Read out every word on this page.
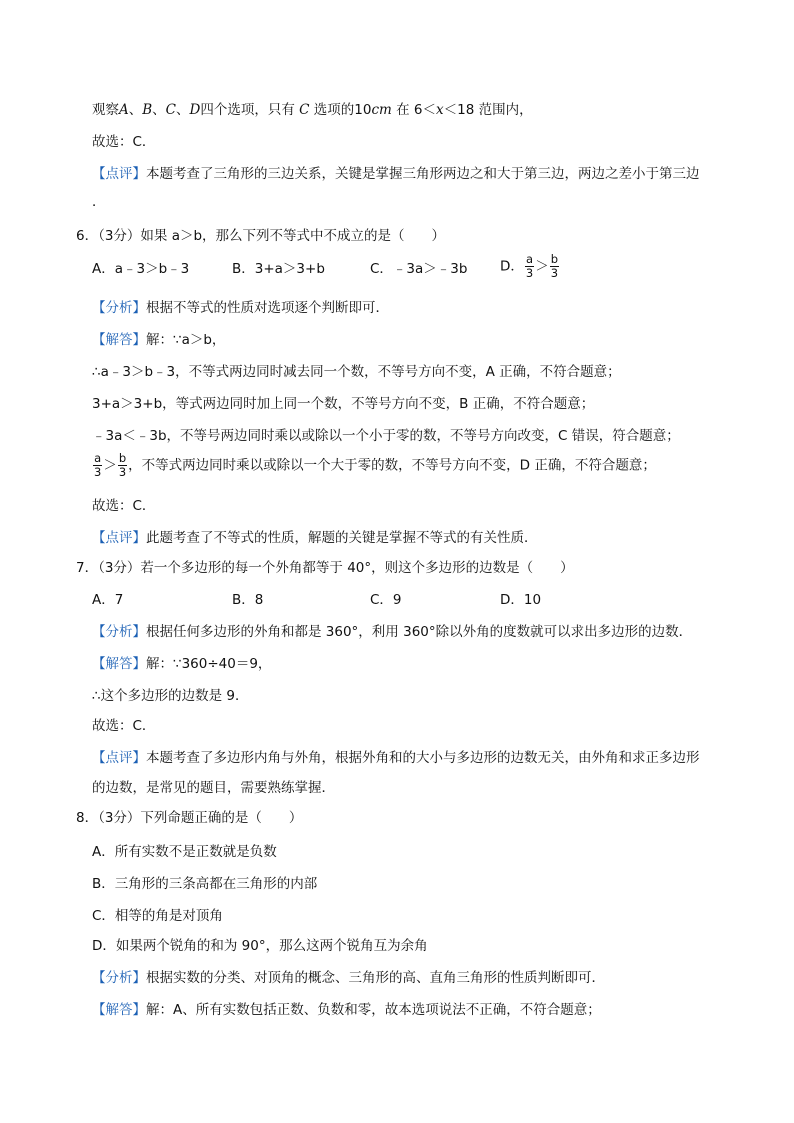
观察A、B、C、D四个选项，只有 C 选项的10cm 在 6＜x＜18 范围内，
故选：C．
【点评】本题考查了三角形的三边关系，关键是掌握三角形两边之和大于第三边，两边之差小于第三边
．
6．（3分）如果 a＞b，那么下列不等式中不成立的是（　　）
A．a﹣3＞b﹣3	B．3+a＞3+b	C．﹣3a＞﹣3b D． $\frac{a}{3} > \frac{b}{3}$
【分析】根据不等式的性质对选项逐个判断即可．
【解答】解：∵a＞b，
∴a﹣3＞b﹣3，不等式两边同时减去同一个数，不等号方向不变，A 正确，不符合题意；
3+a＞3+b，等式两边同时加上同一个数，不等号方向不变，B 正确，不符合题意；
﹣3a＜﹣3b，不等号两边同时乘以或除以一个小于零的数，不等号方向改变，C 错误，符合题意；
$\frac{a}{3} > \frac{b}{3}$ ，不等式两边同时乘以或除以一个大于零的数，不等号方向不变，D 正确，不符合题意；
故选：C．
【点评】此题考查了不等式的性质，解题的关键是掌握不等式的有关性质．
7．（3分）若一个多边形的每一个外角都等于 40°，则这个多边形的边数是（　　）
A．7	B．8	C．9	D．10
【分析】根据任何多边形的外角和都是 360°，利用 360°除以外角的度数就可以求出多边形的边数．
【解答】解：∵360÷40＝9，
∴这个多边形的边数是 9．
故选：C．
【点评】本题考查了多边形内角与外角，根据外角和的大小与多边形的边数无关，由外角和求正多边形
的边数，是常见的题目，需要熟练掌握．
8．（3分）下列命题正确的是（　　）
A．所有实数不是正数就是负数
B．三角形的三条高都在三角形的内部
C．相等的角是对顶角
D．如果两个锐角的和为 90°，那么这两个锐角互为余角
【分析】根据实数的分类、对顶角的概念、三角形的高、直角三角形的性质判断即可．
【解答】解：A、所有实数包括正数、负数和零，故本选项说法不正确，不符合题意；
